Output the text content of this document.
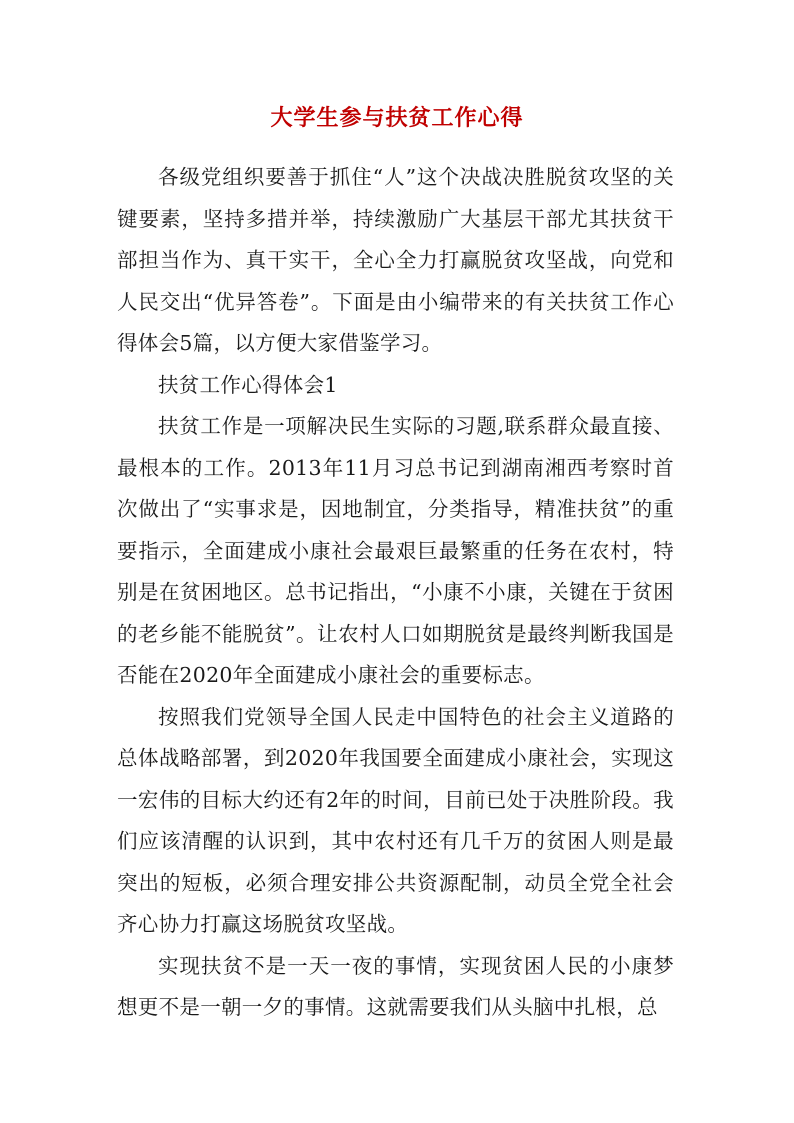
大学生参与扶贫工作心得

各级党组织要善于抓住“人”这个决战决胜脱贫攻坚的关键要素，坚持多措并举，持续激励广大基层干部尤其扶贫干部担当作为、真干实干，全心全力打赢脱贫攻坚战，向党和人民交出“优异答卷”。下面是由小编带来的有关扶贫工作心得体会5篇，以方便大家借鉴学习。

扶贫工作心得体会1

扶贫工作是一项解决民生实际的习题,联系群众最直接、最根本的工作。2013年11月习总书记到湖南湘西考察时首次做出了“实事求是，因地制宜，分类指导，精准扶贫”的重要指示，全面建成小康社会最艰巨最繁重的任务在农村，特别是在贫困地区。总书记指出，“小康不小康，关键在于贫困的老乡能不能脱贫”。让农村人口如期脱贫是最终判断我国是否能在2020年全面建成小康社会的重要标志。

按照我们党领导全国人民走中国特色的社会主义道路的总体战略部署，到2020年我国要全面建成小康社会，实现这一宏伟的目标大约还有2年的时间，目前已处于决胜阶段。我们应该清醒的认识到，其中农村还有几千万的贫困人则是最突出的短板，必须合理安排公共资源配制，动员全党全社会齐心协力打赢这场脱贫攻坚战。

实现扶贫不是一天一夜的事情，实现贫困人民的小康梦想更不是一朝一夕的事情。这就需要我们从头脑中扎根，总
